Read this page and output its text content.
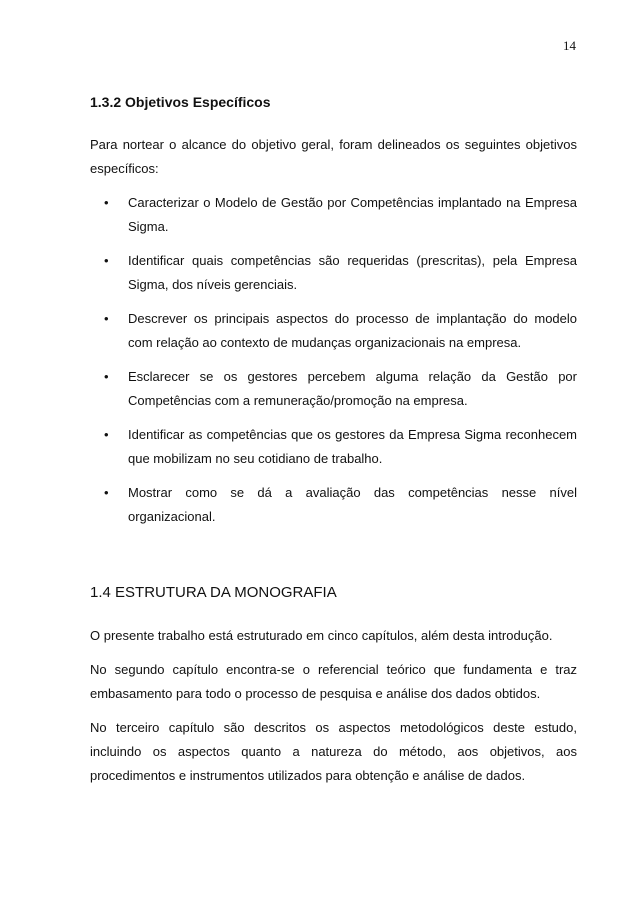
14
1.3.2 Objetivos Específicos

Para nortear o alcance do objetivo geral, foram delineados os seguintes objetivos específicos:

• Caracterizar o Modelo de Gestão por Competências implantado na Empresa Sigma.
• Identificar quais competências são requeridas (prescritas), pela Empresa Sigma, dos níveis gerenciais.
• Descrever os principais aspectos do processo de implantação do modelo com relação ao contexto de mudanças organizacionais na empresa.
• Esclarecer se os gestores percebem alguma relação da Gestão por Competências com a remuneração/promoção na empresa.
• Identificar as competências que os gestores da Empresa Sigma reconhecem que mobilizam no seu cotidiano de trabalho.
• Mostrar como se dá a avaliação das competências nesse nível organizacional.
1.4 ESTRUTURA DA MONOGRAFIA

O presente trabalho está estruturado em cinco capítulos, além desta introdução.

No segundo capítulo encontra-se o referencial teórico que fundamenta e traz embasamento para todo o processo de pesquisa e análise dos dados obtidos.

No terceiro capítulo são descritos os aspectos metodológicos deste estudo, incluindo os aspectos quanto a natureza do método, aos objetivos, aos procedimentos e instrumentos utilizados para obtenção e análise de dados.
